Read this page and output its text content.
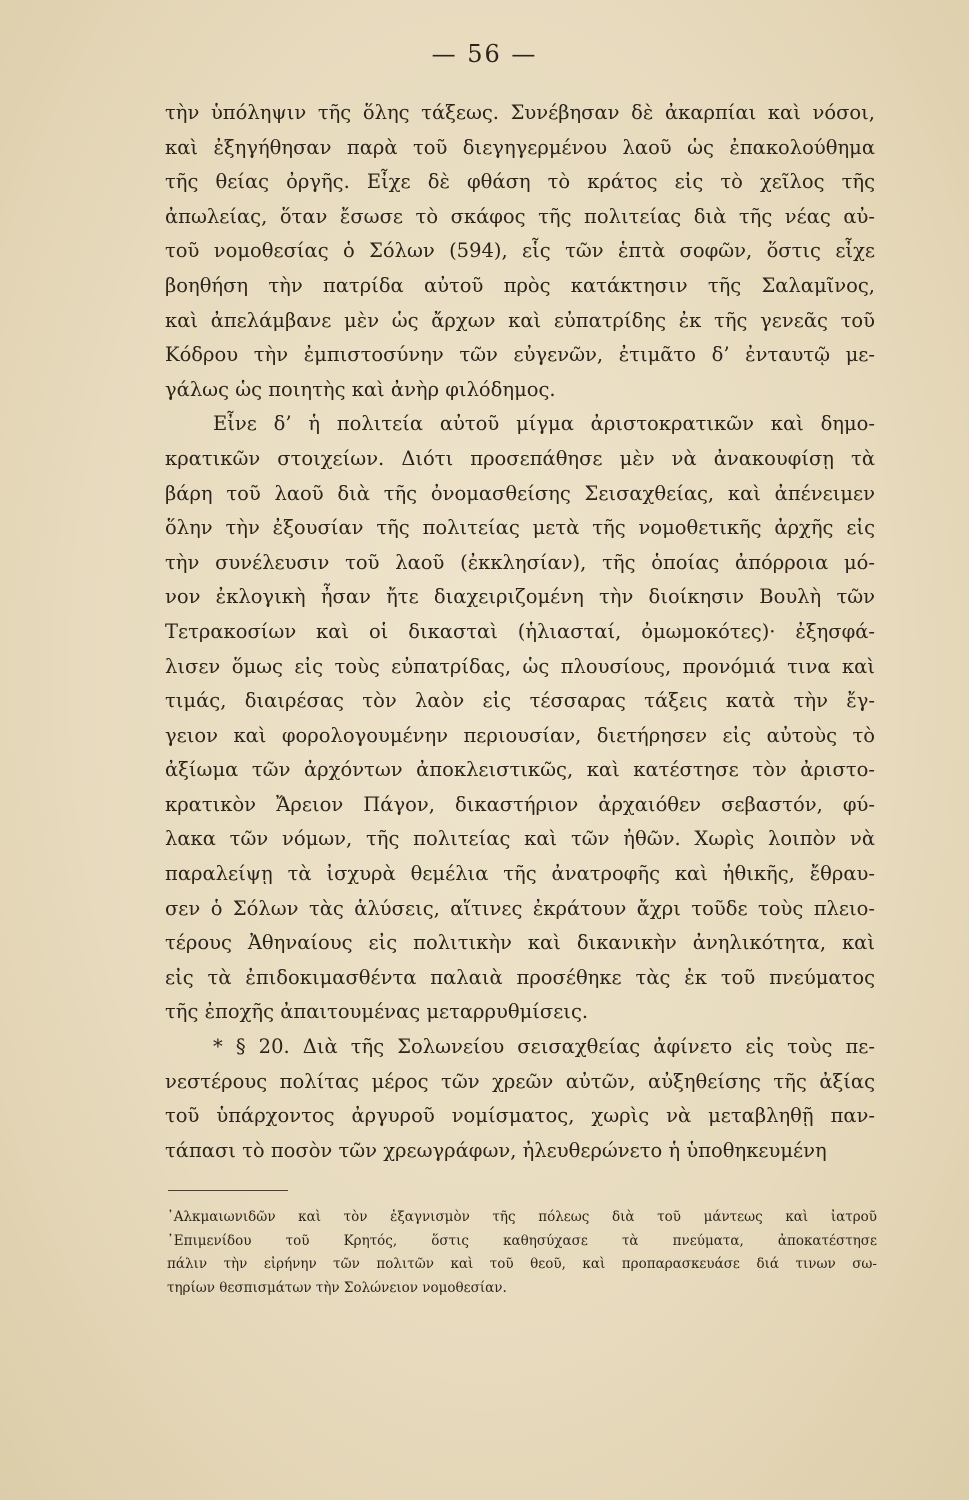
— 56 —
τὴν ὑπόληψιν τῆς ὅλης τάξεως. Συνέβησαν δὲ ἀκαρπίαι καὶ νόσοι,
καὶ ἐξηγήθησαν παρὰ τοῦ διεγηγερμένου λαοῦ ὡς ἐπακολούθημα
τῆς θείας ὀργῆς. Εἶχε δὲ φθάση τὸ κράτος εἰς τὸ χεῖλος τῆς
ἀπωλείας, ὅταν ἔσωσε τὸ σκάφος τῆς πολιτείας διὰ τῆς νέας αὐ-
τοῦ νομοθεσίας ὁ Σόλων (594), εἷς τῶν ἑπτὰ σοφῶν, ὅστις εἶχε
βοηθήση τὴν πατρίδα αὐτοῦ πρὸς κατάκτησιν τῆς Σαλαμῖνος,
καὶ ἀπελάμβανε μὲν ὡς ἄρχων καὶ εὐπατρίδης ἐκ τῆς γενεᾶς τοῦ
Κόδρου τὴν ἐμπιστοσύνην τῶν εὐγενῶν, ἐτιμᾶτο δ’ ἐνταυτῷ με-
γάλως ὡς ποιητὴς καὶ ἀνὴρ φιλόδημος.
Εἶνε δ’ ἡ πολιτεία αὐτοῦ μίγμα ἀριστοκρατικῶν καὶ δημο-
κρατικῶν στοιχείων. Διότι προσεπάθησε μὲν νὰ ἀνακουφίσῃ τὰ
βάρη τοῦ λαοῦ διὰ τῆς ὀνομασθείσης Σεισαχθείας, καὶ ἀπένειμεν
ὅλην τὴν ἐξουσίαν τῆς πολιτείας μετὰ τῆς νομοθετικῆς ἀρχῆς εἰς
τὴν συνέλευσιν τοῦ λαοῦ (ἐκκλησίαν), τῆς ὁποίας ἀπόρροια μό-
νον ἐκλογικὴ ἦσαν ἤτε διαχειριζομένη τὴν διοίκησιν Βουλὴ τῶν
Τετρακοσίων καὶ οἱ δικασταὶ (ἡλιασταί, ὀμωμοκότες)· ἐξησφά-
λισεν ὅμως εἰς τοὺς εὐπατρίδας, ὡς πλουσίους, προνόμιά τινα καὶ
τιμάς, διαιρέσας τὸν λαὸν εἰς τέσσαρας τάξεις κατὰ τὴν ἔγ-
γειον καὶ φορολογουμένην περιουσίαν, διετήρησεν εἰς αὐτοὺς τὸ
ἀξίωμα τῶν ἀρχόντων ἀποκλειστικῶς, καὶ κατέστησε τὸν ἀριστο-
κρατικὸν Ἄρειον Πάγον, δικαστήριον ἀρχαιόθεν σεβαστόν, φύ-
λακα τῶν νόμων, τῆς πολιτείας καὶ τῶν ἠθῶν. Χωρὶς λοιπὸν νὰ
παραλείψῃ τὰ ἰσχυρὰ θεμέλια τῆς ἀνατροφῆς καὶ ἠθικῆς, ἔθραυ-
σεν ὁ Σόλων τὰς ἁλύσεις, αἵτινες ἐκράτουν ἄχρι τοῦδε τοὺς πλειο-
τέρους Ἀθηναίους εἰς πολιτικὴν καὶ δικανικὴν ἀνηλικότητα, καὶ
εἰς τὰ ἐπιδοκιμασθέντα παλαιὰ προσέθηκε τὰς ἐκ τοῦ πνεύματος
τῆς ἐποχῆς ἀπαιτουμένας μεταρρυθμίσεις.
* § 20. Διὰ τῆς Σολωνείου σεισαχθείας ἀφίνετο εἰς τοὺς πε-
νεστέρους πολίτας μέρος τῶν χρεῶν αὐτῶν, αὐξηθείσης τῆς ἀξίας
τοῦ ὑπάρχοντος ἀργυροῦ νομίσματος, χωρὶς νὰ μεταβληθῇ παν-
τάπασι τὸ ποσὸν τῶν χρεωγράφων, ἠλευθερώνετο ἡ ὑποθηκευμένη
᾿Αλκμαιωνιδῶν καὶ τὸν ἐξαγνισμὸν τῆς πόλεως διὰ τοῦ μάντεως καὶ ἰατροῦ
᾿Επιμενίδου τοῦ Κρητός, ὅστις καθησύχασε τὰ πνεύματα, ἀποκατέστησε
πάλιν τὴν εἰρήνην τῶν πολιτῶν καὶ τοῦ θεοῦ, καὶ προπαρασκευάσε διά τινων σω-
τηρίων θεσπισμάτων τὴν Σολώνειον νομοθεσίαν.
